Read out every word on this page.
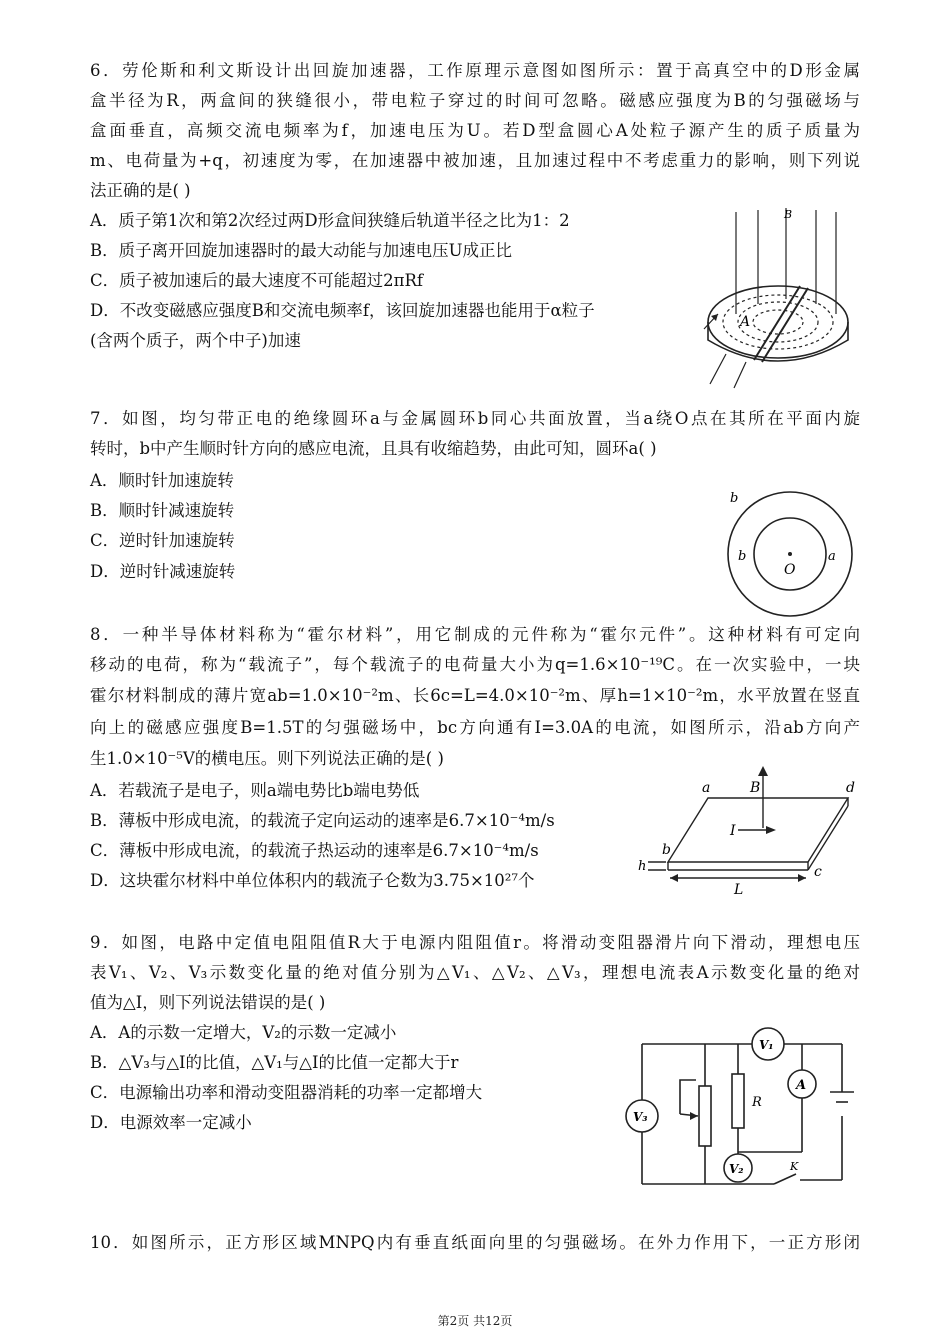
6．劳伦斯和利文斯设计出回旋加速器，工作原理示意图如图所示：置于高真空中的D形金属

盒半径为R，两盒间的狭缝很小，带电粒子穿过的时间可忽略。磁感应强度为B的匀强磁场与

盒面垂直，高频交流电频率为f，加速电压为U。若D型盒圆心A处粒子源产生的质子质量为

m、电荷量为+q，初速度为零，在加速器中被加速，且加速过程中不考虑重力的影响，则下列说

法正确的是( )

A．质子第1次和第2次经过两D形盒间狭缝后轨道半径之比为1：2

B．质子离开回旋加速器时的最大动能与加速电压U成正比

C．质子被加速后的最大速度不可能超过2πRf

D．不改变磁感应强度B和交流电频率f，该回旋加速器也能用于α粒子

(含两个质子，两个中子)加速

B
A

7．如图，均匀带正电的绝缘圆环a与金属圆环b同心共面放置，当a绕O点在其所在平面内旋

转时，b中产生顺时针方向的感应电流，且具有收缩趋势，由此可知，圆环a( )

A．顺时针加速旋转

B．顺时针减速旋转

C．逆时针加速旋转

D．逆时针减速旋转

b
b
O
a

8．一种半导体材料称为“霍尔材料”，用它制成的元件称为“霍尔元件”。这种材料有可定向

移动的电荷，称为“载流子”，每个载流子的电荷量大小为q=1.6×10⁻¹⁹C。在一次实验中，一块

霍尔材料制成的薄片宽ab=1.0×10⁻²m、长6c=L=4.0×10⁻²m、厚h=1×10⁻²m，水平放置在竖直

向上的磁感应强度B=1.5T的匀强磁场中，bc方向通有I=3.0A的电流，如图所示，沿ab方向产

生1.0×10⁻⁵V的横电压。则下列说法正确的是( )

A．若载流子是电子，则a端电势比b端电势低

B．薄板中形成电流，的载流子定向运动的速率是6.7×10⁻⁴m/s

C．薄板中形成电流，的载流子热运动的速率是6.7×10⁻⁴m/s

D．这块霍尔材料中单位体积内的载流子仑数为3.75×10²⁷个

a	d
b
c
B
I
h
L

9．如图，电路中定值电阻阻值R大于电源内阻阻值r。将滑动变阻器滑片向下滑动，理想电压

表V₁、V₂、V₃示数变化量的绝对值分别为△V₁、△V₂、△V₃，理想电流表A示数变化量的绝对

值为△I，则下列说法错误的是( )

A．A的示数一定增大，V₂的示数一定减小

B．△V₃与△I的比值，△V₁与△I的比值一定都大于r

C．电源输出功率和滑动变阻器消耗的功率一定都增大

D．电源效率一定减小

V₁
A
V₃
V₂
R
K

10．如图所示，正方形区域MNPQ内有垂直纸面向里的匀强磁场。在外力作用下，一正方形闭

第2页 共12页
